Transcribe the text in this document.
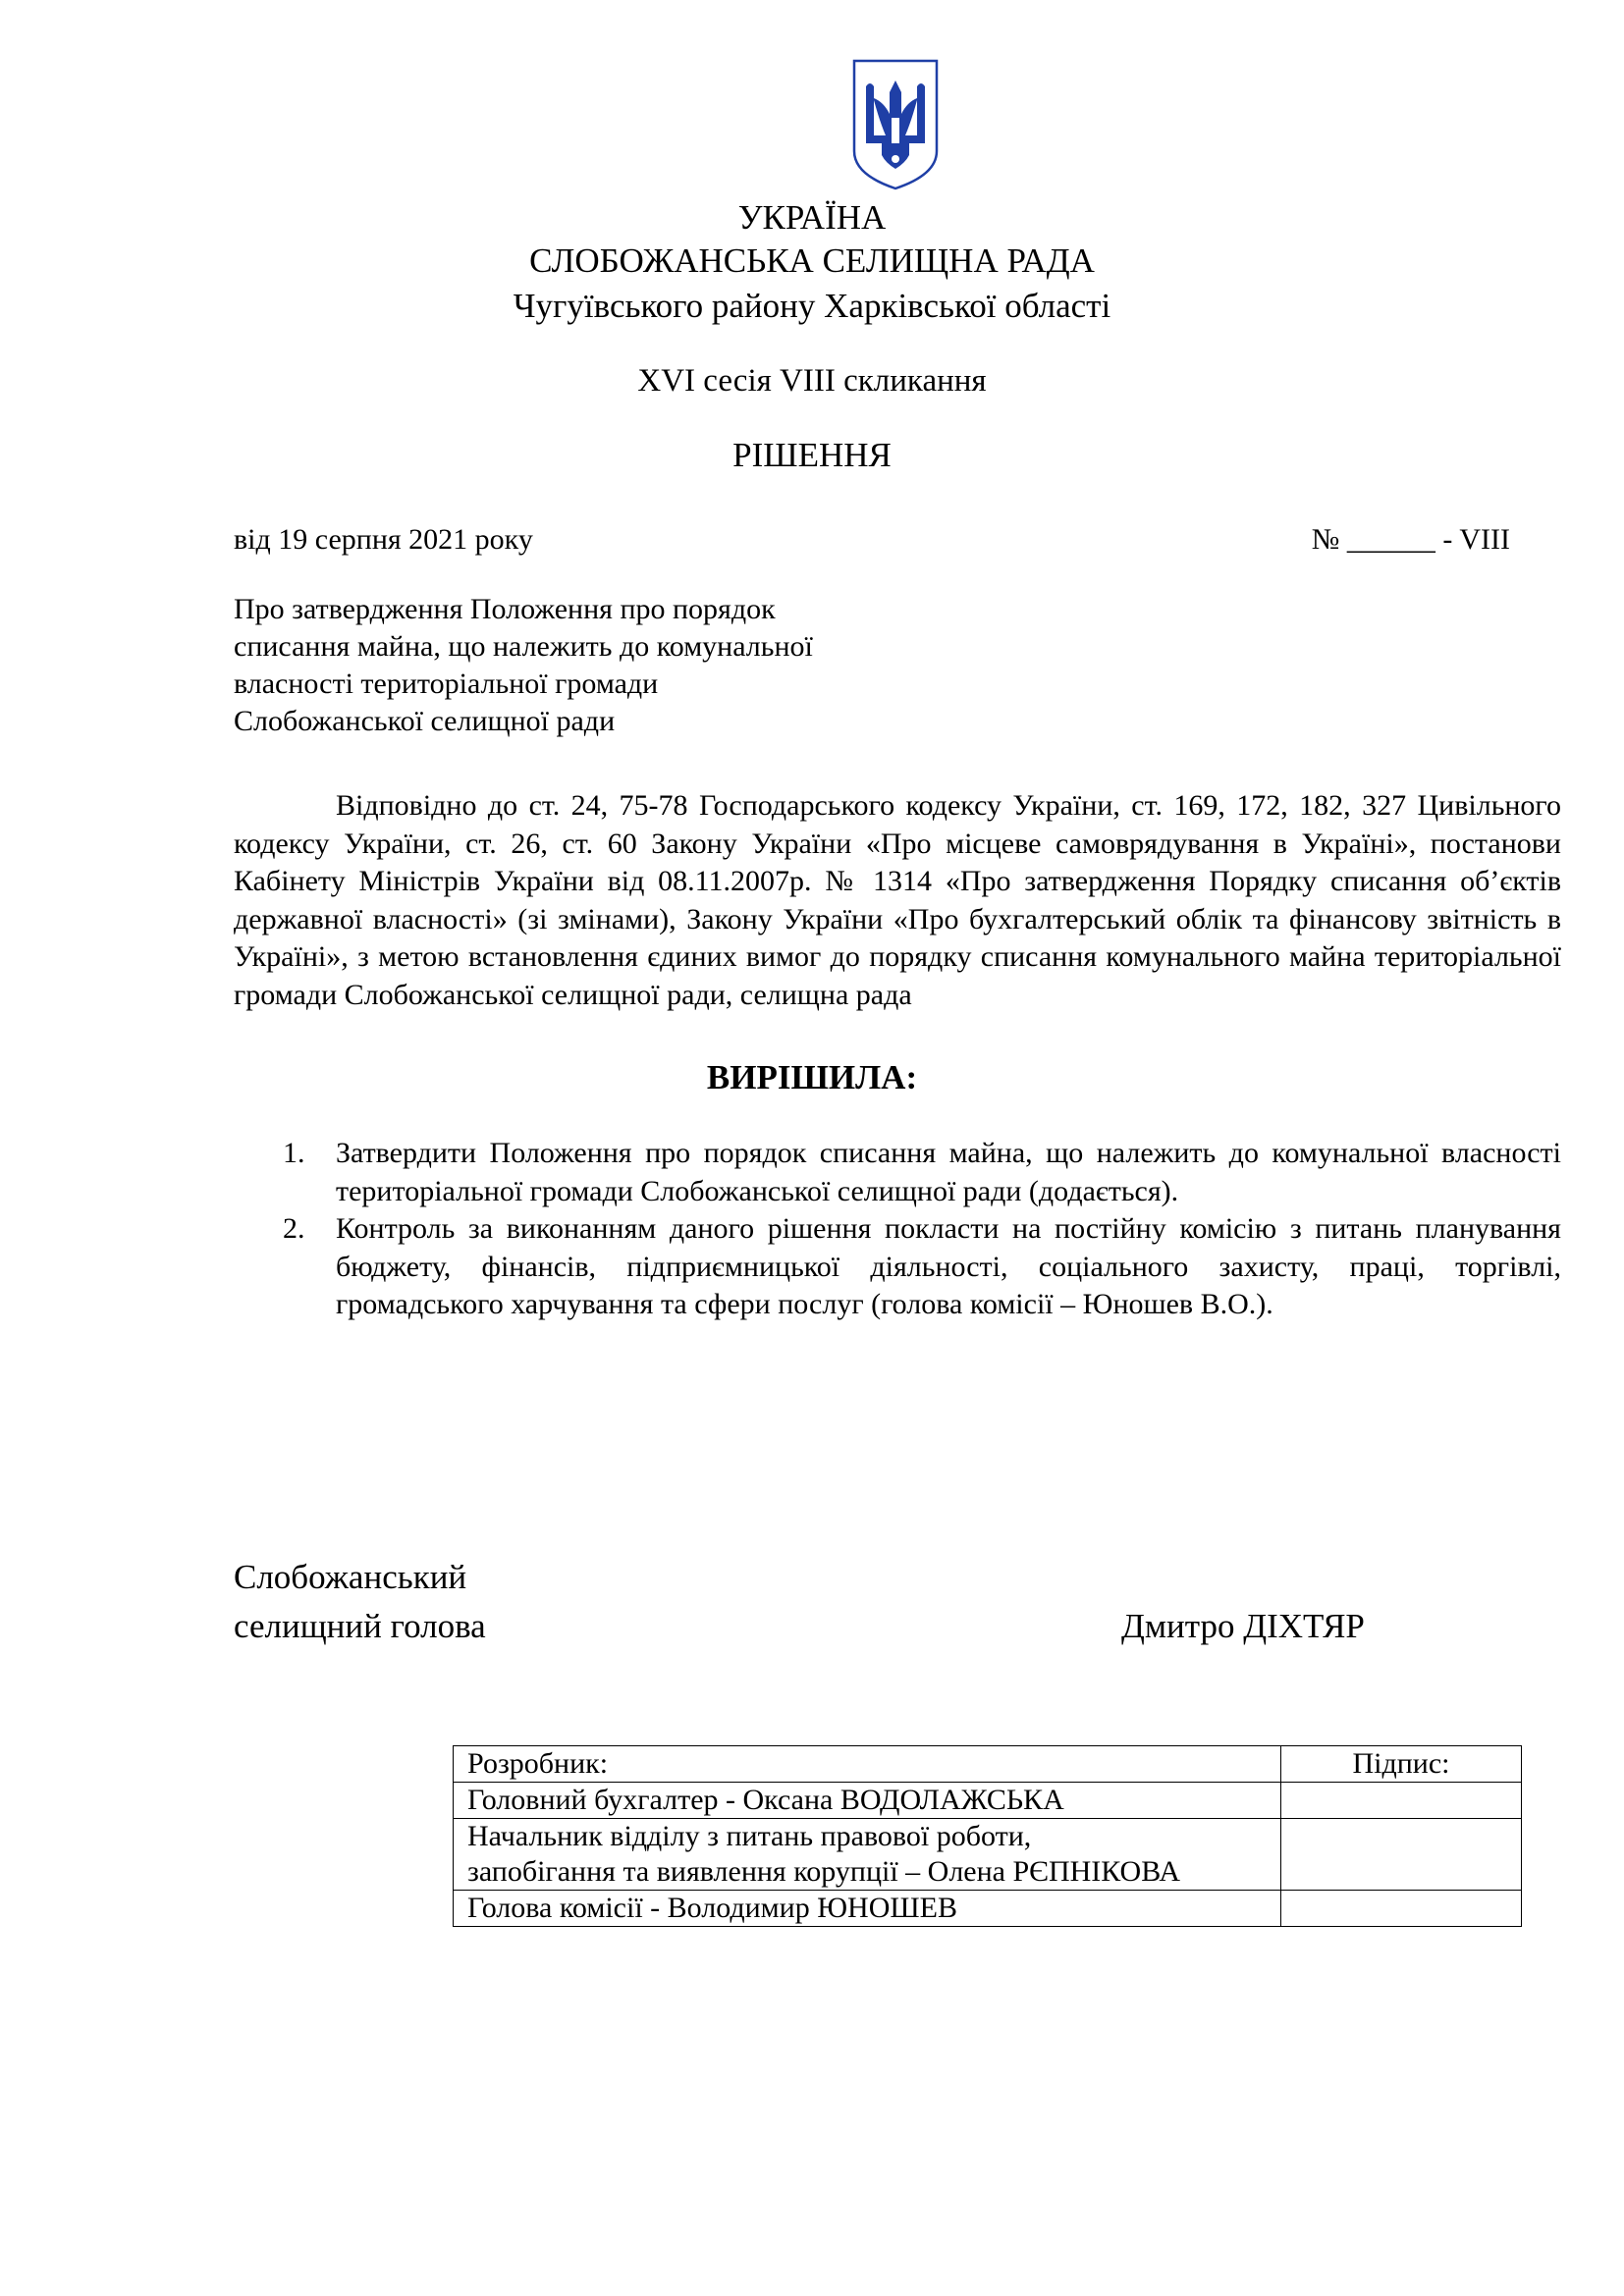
УКРАЇНА
СЛОБОЖАНСЬКА СЕЛИЩНА РАДА
Чугуївського району Харківської області
XVI сесія VIII скликання
РІШЕННЯ
від 19 серпня 2021 року	№ ______ - VIII
Про затвердження Положення про порядок
списання майна, що належить до комунальної
власності територіальної громади
Слобожанської селищної ради

Відповідно до ст. 24, 75-78 Господарського кодексу України, ст. 169, 172, 182, 327 Цивільного кодексу України, ст. 26, ст. 60 Закону України «Про місцеве самоврядування в Україні», постанови Кабінету Міністрів України від 08.11.2007р. № 1314 «Про затвердження Порядку списання об’єктів державної власності» (зі змінами), Закону України «Про бухгалтерський облік та фінансову звітність в Україні», з метою встановлення єдиних вимог до порядку списання комунального майна територіальної громади Слобожанської селищної ради, селищна рада

ВИРІШИЛА:
1. Затвердити Положення про порядок списання майна, що належить до комунальної власності територіальної громади Слобожанської селищної ради (додається).
2. Контроль за виконанням даного рішення покласти на постійну комісію з питань планування бюджету, фінансів, підприємницької діяльності, соціального захисту, праці, торгівлі, громадського харчування та сфери послуг (голова комісії – Юношев В.О.).
Слобожанський
селищний голова	Дмитро ДІХТЯР
Розробник:	Підпис:

Головний бухгалтер - Оксана ВОДОЛАЖСЬКА	

Начальник відділу з питань правової роботи,
запобігання та виявлення корупції – Олена РЄПНІКОВА	

Голова комісії - Володимир ЮНОШЕВ	
